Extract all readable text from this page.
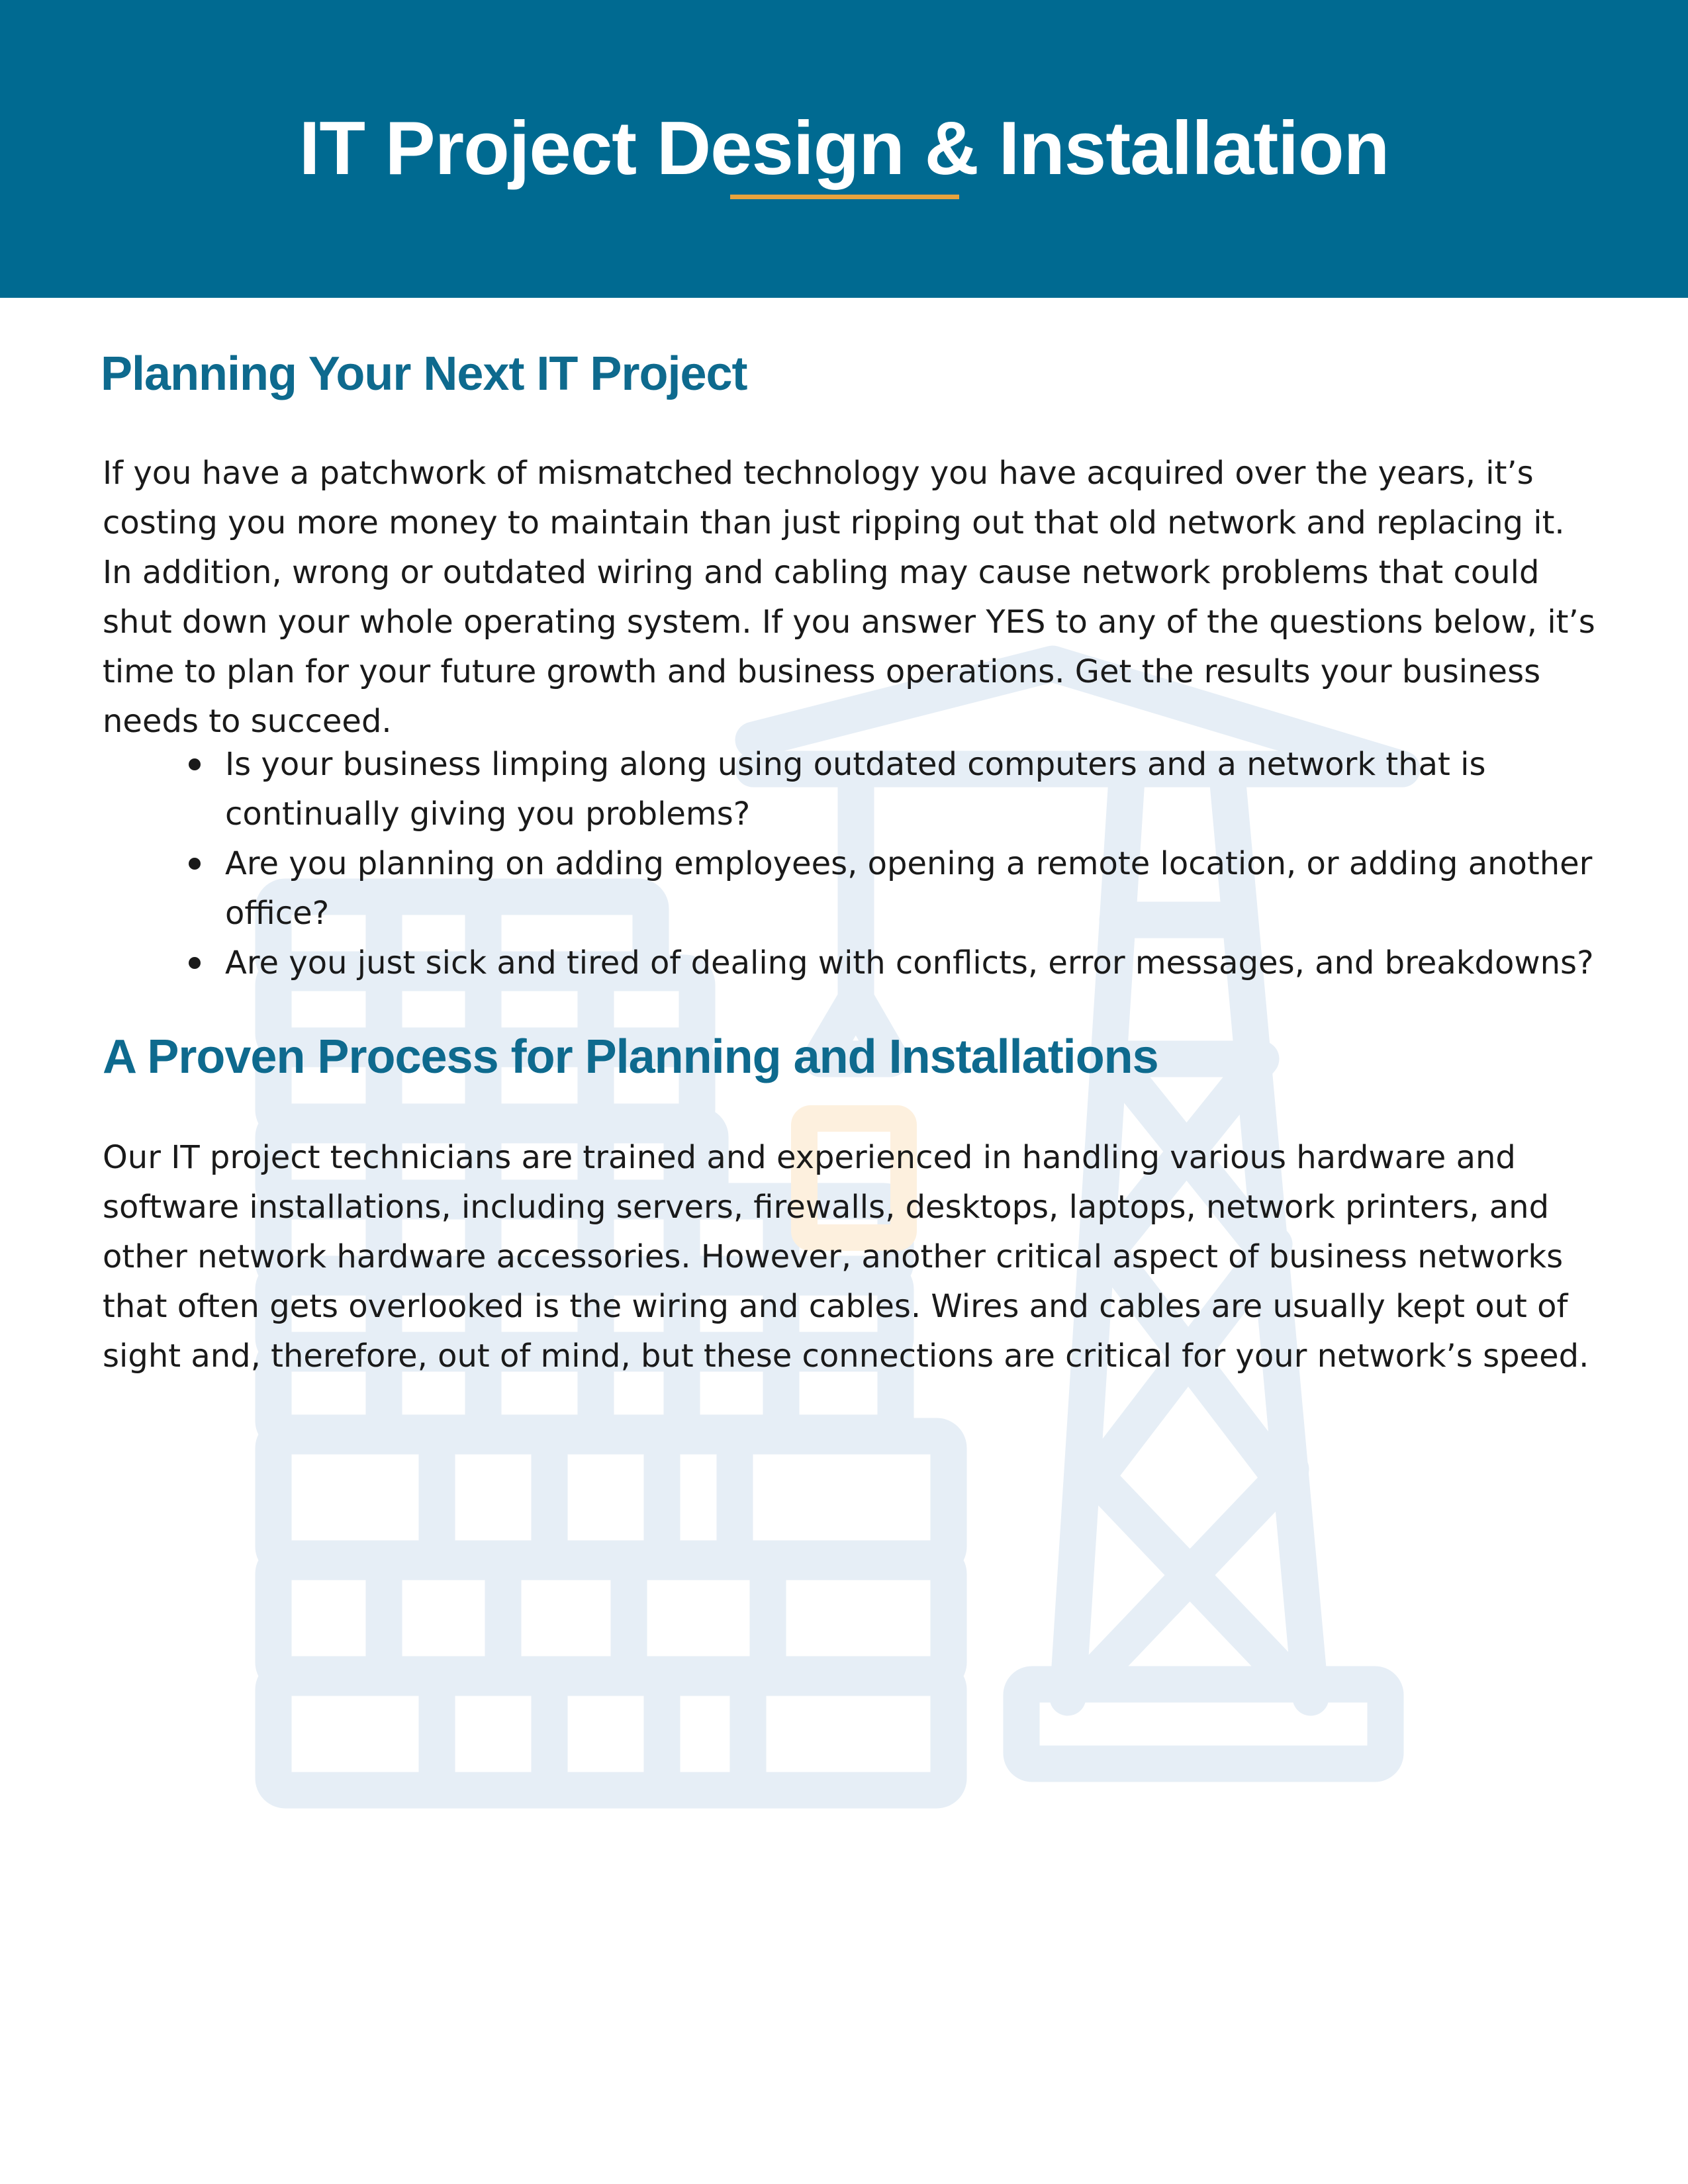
IT Project Design & Installation
Planning Your Next IT Project

If you have a patchwork of mismatched technology you have acquired over the years, it’s costing you more money to maintain than just ripping out that old network and replacing it. In addition, wrong or outdated wiring and cabling may cause network problems that could shut down your whole operating system. If you answer YES to any of the questions below, it’s time to plan for your future growth and business operations. Get the results your business needs to succeed.

Is your business limping along using outdated computers and a network that is continually giving you problems?
Are you planning on adding employees, opening a remote location, or adding another office?
Are you just sick and tired of dealing with conflicts, error messages, and breakdowns?
A Proven Process for Planning and Installations

Our IT project technicians are trained and experienced in handling various hardware and software installations, including servers, firewalls, desktops, laptops, network printers, and other network hardware accessories. However, another critical aspect of business networks that often gets overlooked is the wiring and cables. Wires and cables are usually kept out of sight and, therefore, out of mind, but these connections are critical for your network’s speed.
